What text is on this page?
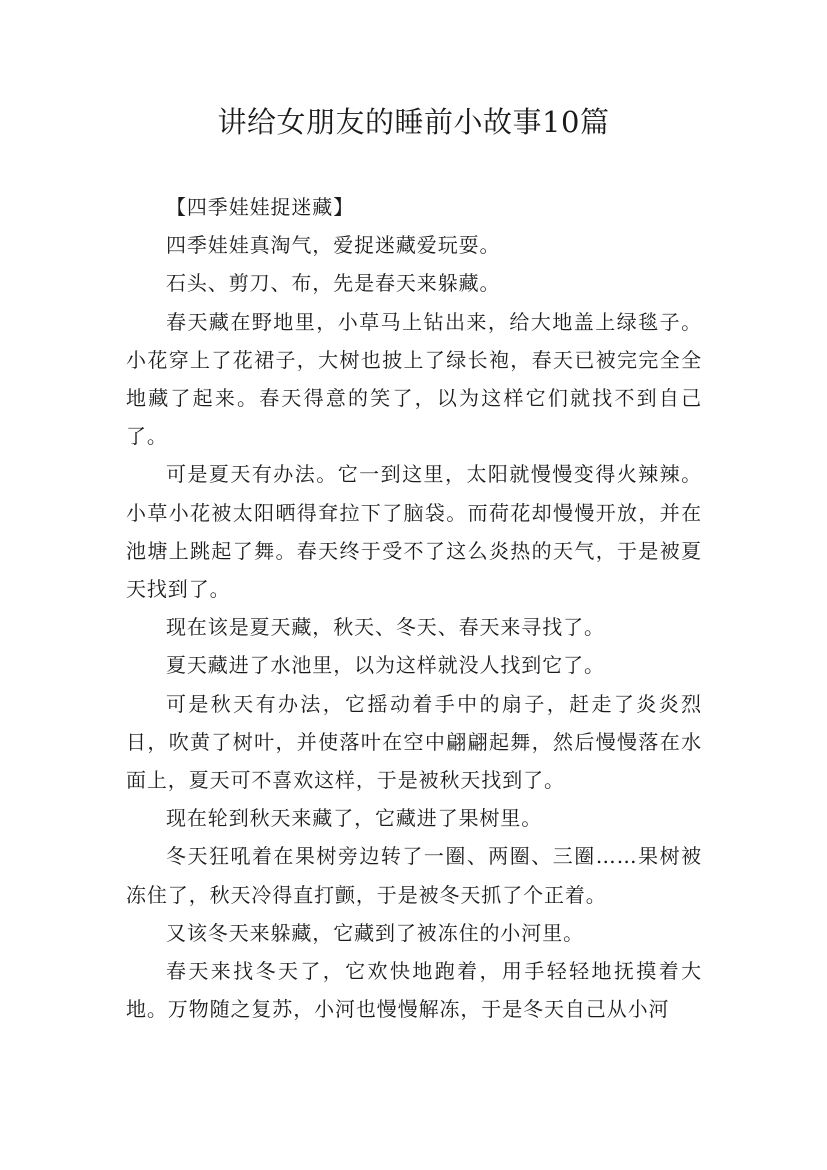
讲给女朋友的睡前小故事10篇

【四季娃娃捉迷藏】

四季娃娃真淘气，爱捉迷藏爱玩耍。

石头、剪刀、布，先是春天来躲藏。

春天藏在野地里，小草马上钻出来，给大地盖上绿毯子。小花穿上了花裙子，大树也披上了绿长袍，春天已被完完全全地藏了起来。春天得意的笑了，以为这样它们就找不到自己了。

可是夏天有办法。它一到这里，太阳就慢慢变得火辣辣。小草小花被太阳晒得耷拉下了脑袋。而荷花却慢慢开放，并在池塘上跳起了舞。春天终于受不了这么炎热的天气，于是被夏天找到了。

现在该是夏天藏，秋天、冬天、春天来寻找了。

夏天藏进了水池里，以为这样就没人找到它了。

可是秋天有办法，它摇动着手中的扇子，赶走了炎炎烈日，吹黄了树叶，并使落叶在空中翩翩起舞，然后慢慢落在水面上，夏天可不喜欢这样，于是被秋天找到了。

现在轮到秋天来藏了，它藏进了果树里。

冬天狂吼着在果树旁边转了一圈、两圈、三圈……果树被冻住了，秋天冷得直打颤，于是被冬天抓了个正着。

又该冬天来躲藏，它藏到了被冻住的小河里。

春天来找冬天了，它欢快地跑着，用手轻轻地抚摸着大地。万物随之复苏，小河也慢慢解冻，于是冬天自己从小河
